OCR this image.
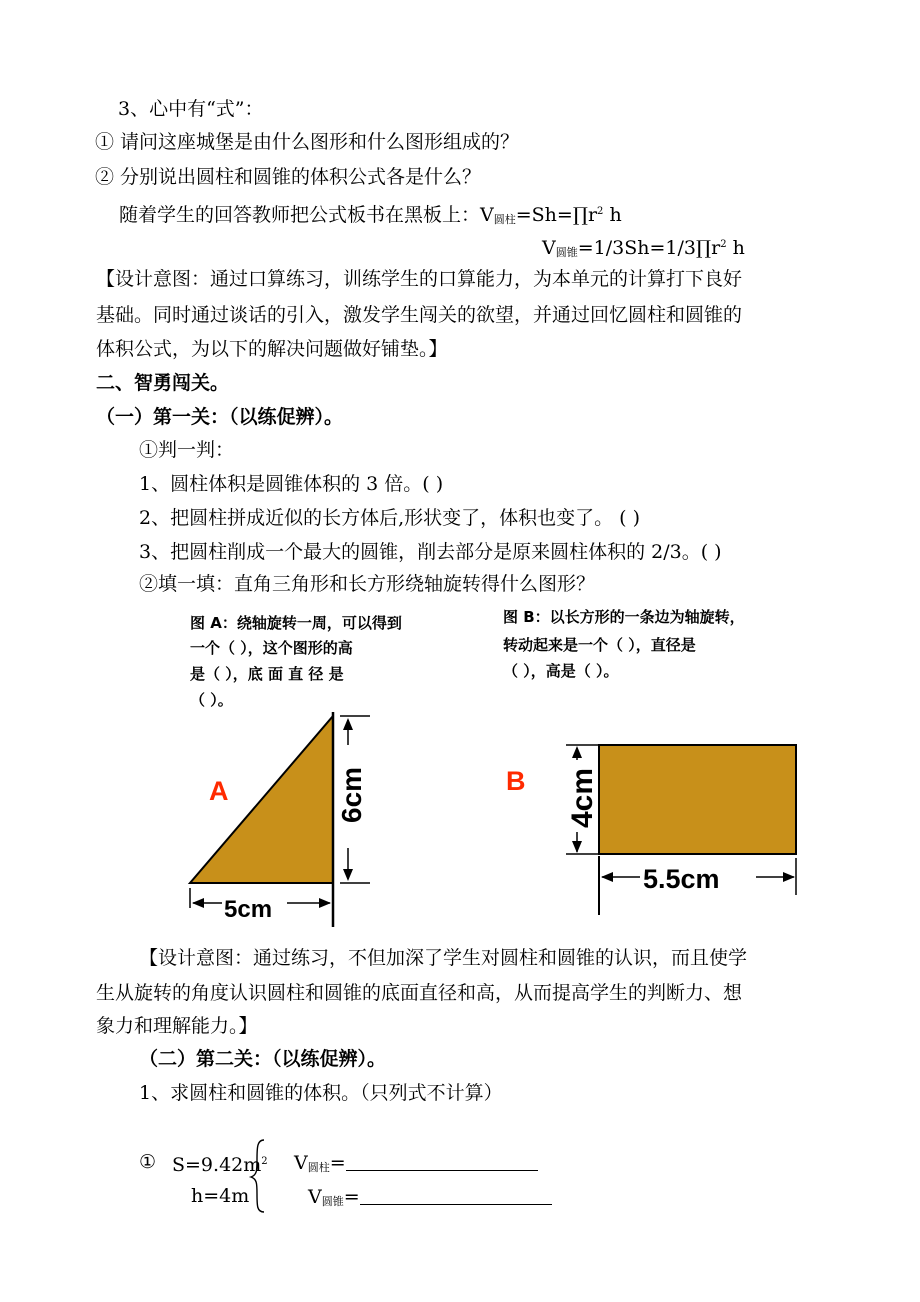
3、心中有“式”：
① 请问这座城堡是由什么图形和什么图形组成的？
② 分别说出圆柱和圆锥的体积公式各是什么？
随着学生的回答教师把公式板书在黑板上：$V_{圆柱}=Sh=\prod r^2$ h
$V_{圆锥}=1/3Sh=1/3\prod r^2$ h
【设计意图：通过口算练习，训练学生的口算能力，为本单元的计算打下良好
基础。同时通过谈话的引入，激发学生闯关的欲望，并通过回忆圆柱和圆锥的
体积公式，为以下的解决问题做好铺垫。】
二、智勇闯关。
（一）第一关：（以练促辨）。
①判一判：
1、圆柱体积是圆锥体积的 3 倍。( )
2、把圆柱拼成近似的长方体后,形状变了，体积也变了。 ( )
3、把圆柱削成一个最大的圆锥，削去部分是原来圆柱体积的 2/3。( )
②填一填：直角三角形和长方形绕轴旋转得什么图形？
图 A：绕轴旋转一周，可以得到
一个（ ），这个图形的高
是（ ），底 面 直 径 是
（ ）。
图 B：以长方形的一条边为轴旋转，
转动起来是一个（ ），直径是
（ ），高是（ ）。
A	6cm
5cm
B 4cm
5.5cm
【设计意图：通过练习，不但加深了学生对圆柱和圆锥的认识，而且使学
生从旋转的角度认识圆柱和圆锥的底面直径和高，从而提高学生的判断力、想
象力和理解能力。】
（二）第二关：（以练促辨）。
1、求圆柱和圆锥的体积。（只列式不计算）
① $S=9.42m^2$
h=4m
$V_{圆柱}=$
$V_{圆锥}=$
